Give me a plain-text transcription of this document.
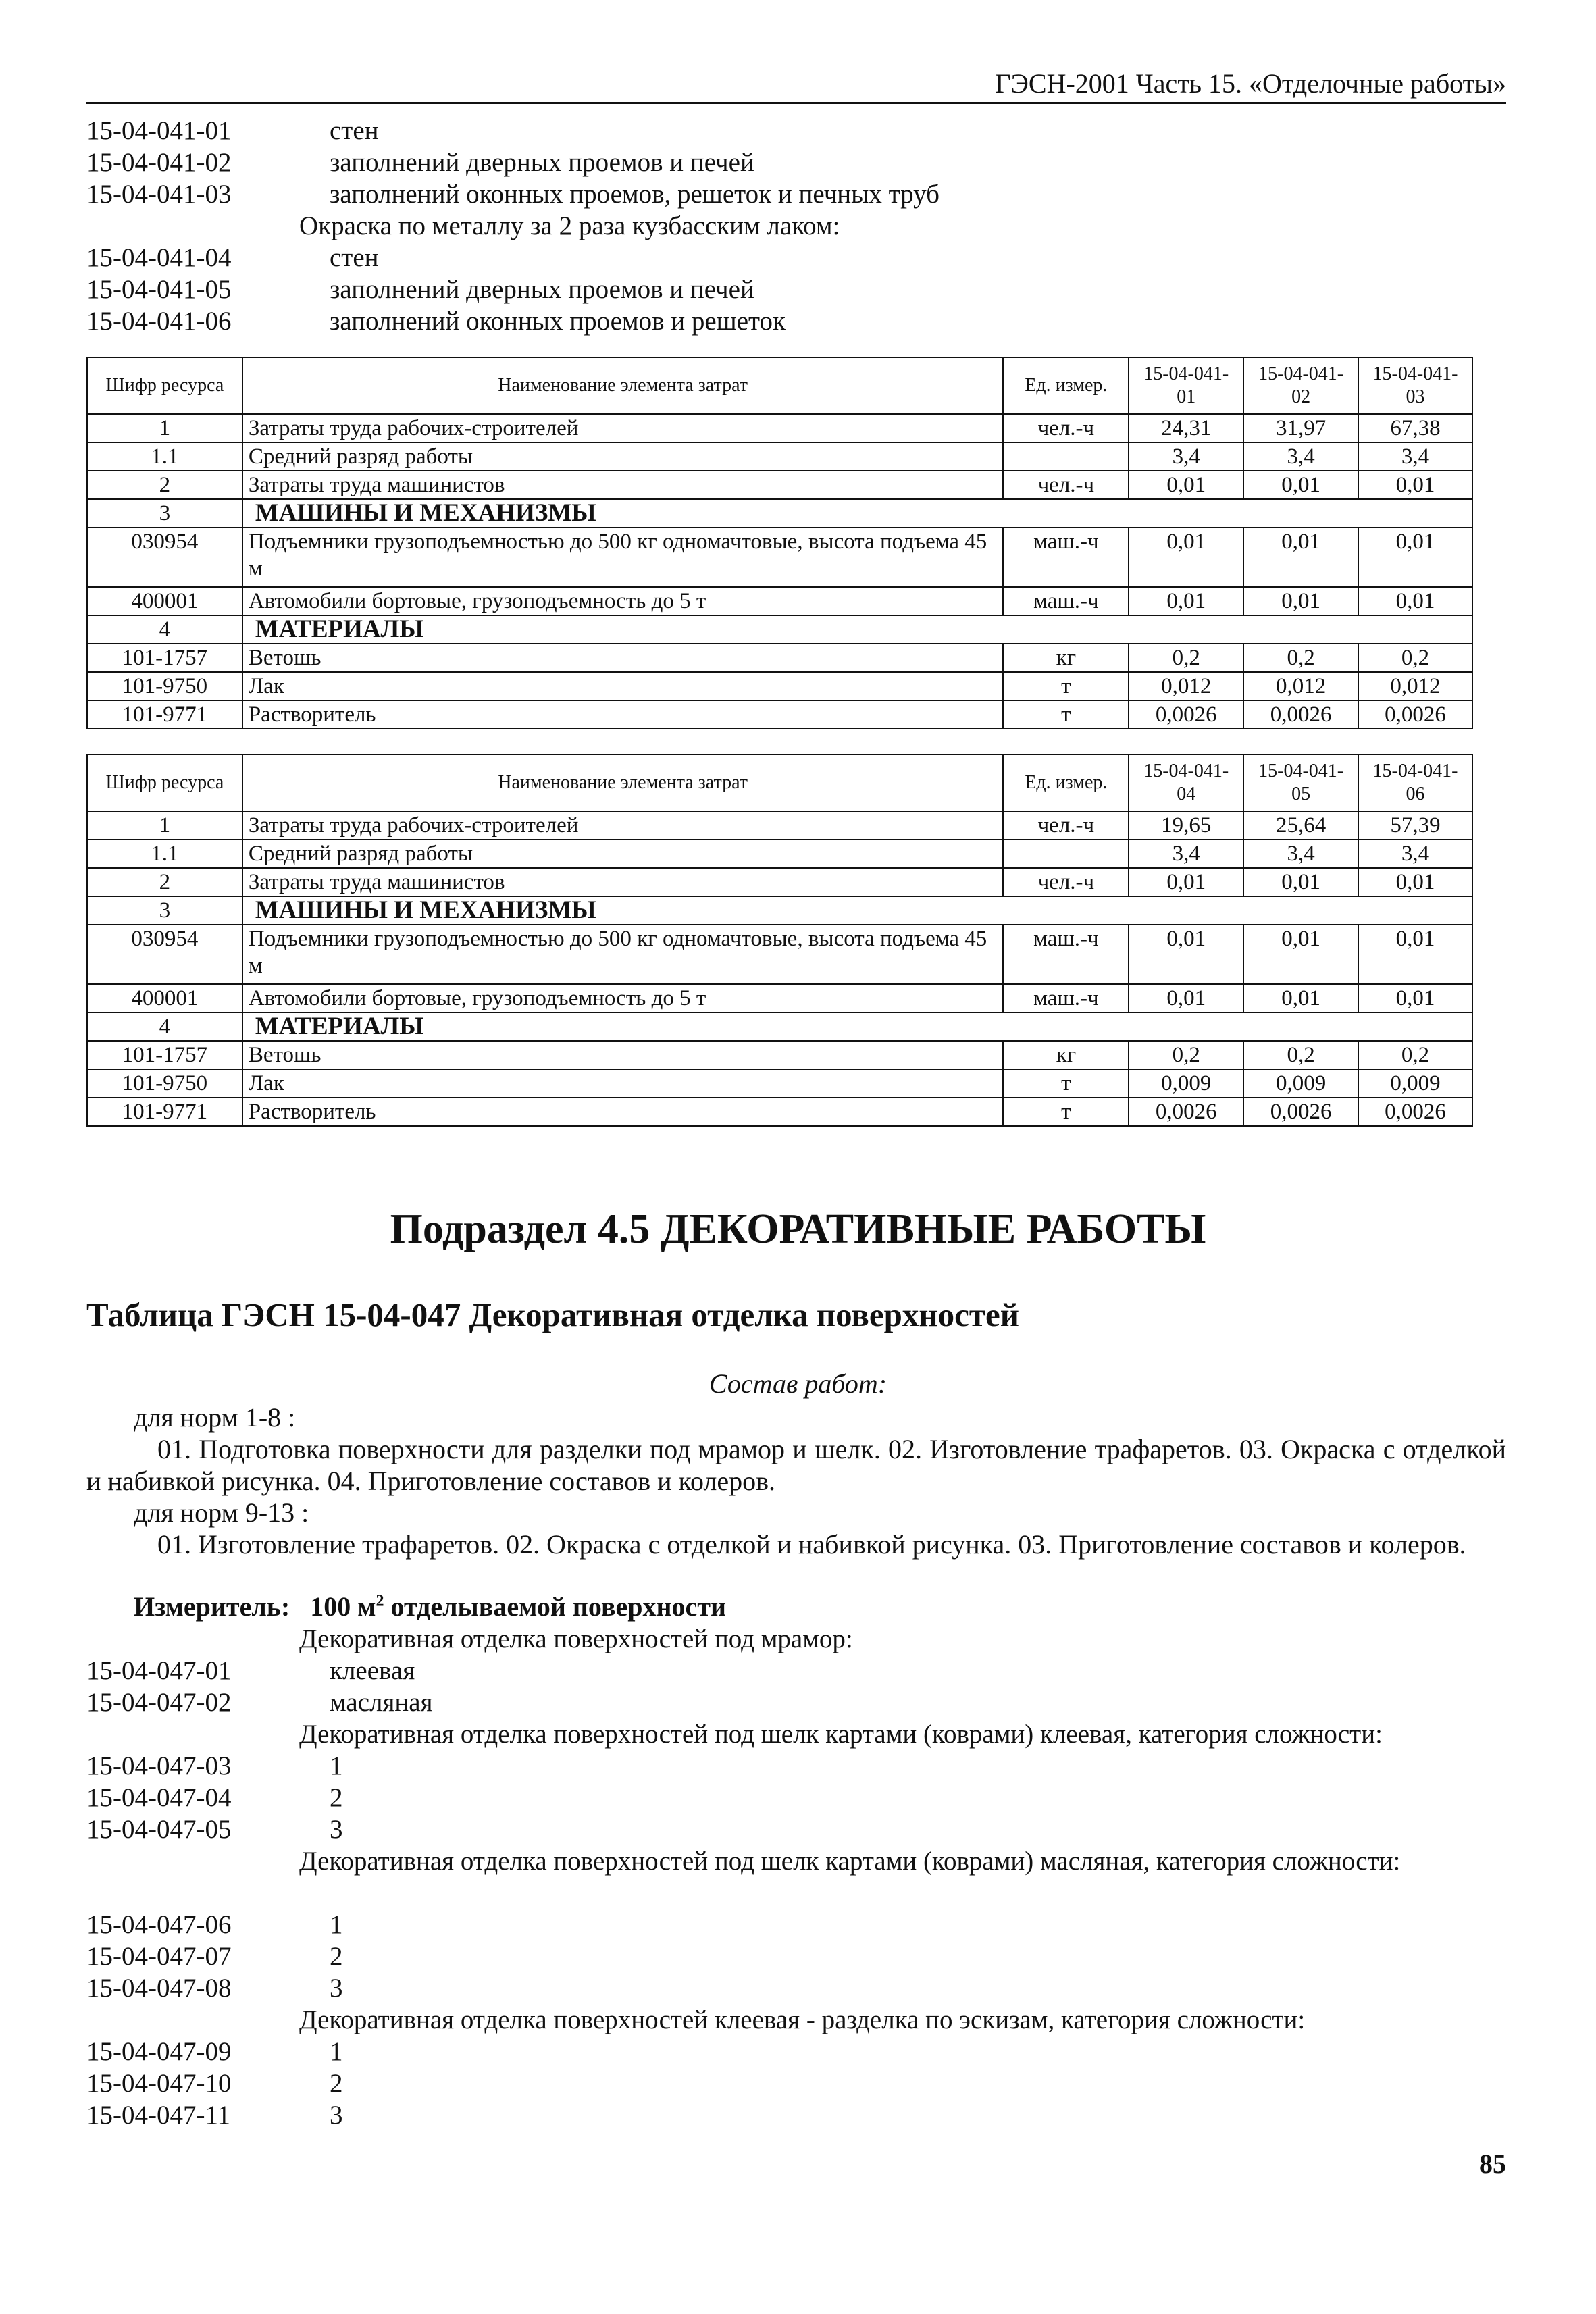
ГЭСН-2001 Часть 15. «Отделочные работы»
15-04-041-01	стен
15-04-041-02	заполнений дверных проемов и печей
15-04-041-03	заполнений оконных проемов, решеток и печных труб
Окраска по металлу за 2 раза кузбасским лаком:
15-04-041-04	стен
15-04-041-05	заполнений дверных проемов и печей
15-04-041-06	заполнений оконных проемов и решеток
Шифр ресурса	Наименование элемента затрат	Ед. измер.	15-04-041-01	15-04-041-02	15-04-041-03
1	Затраты труда рабочих-строителей	чел.-ч	24,31	31,97	67,38
1.1	Средний разряд работы		3,4	3,4	3,4
2	Затраты труда машинистов	чел.-ч	0,01	0,01	0,01
3	МАШИНЫ И МЕХАНИЗМЫ				
030954	Подъемники грузоподъемностью до 500 кг одномачтовые, высота подъема 45 м	маш.-ч	0,01	0,01	0,01
400001	Автомобили бортовые, грузоподъемность до 5 т	маш.-ч	0,01	0,01	0,01
4	МАТЕРИАЛЫ				
101-1757	Ветошь	кг	0,2	0,2	0,2
101-9750	Лак	т	0,012	0,012	0,012
101-9771	Растворитель	т	0,0026	0,0026	0,0026
Шифр ресурса	Наименование элемента затрат	Ед. измер.	15-04-041-04	15-04-041-05	15-04-041-06
1	Затраты труда рабочих-строителей	чел.-ч	19,65	25,64	57,39
1.1	Средний разряд работы		3,4	3,4	3,4
2	Затраты труда машинистов	чел.-ч	0,01	0,01	0,01
3	МАШИНЫ И МЕХАНИЗМЫ				
030954	Подъемники грузоподъемностью до 500 кг одномачтовые, высота подъема 45 м	маш.-ч	0,01	0,01	0,01
400001	Автомобили бортовые, грузоподъемность до 5 т	маш.-ч	0,01	0,01	0,01
4	МАТЕРИАЛЫ				
101-1757	Ветошь	кг	0,2	0,2	0,2
101-9750	Лак	т	0,009	0,009	0,009
101-9771	Растворитель	т	0,0026	0,0026	0,0026
Подраздел 4.5 ДЕКОРАТИВНЫЕ РАБОТЫ
Таблица ГЭСН 15-04-047 Декоративная отделка поверхностей
Состав работ:
для норм 1-8 :
01. Подготовка поверхности для разделки под мрамор и шелк. 02. Изготовление трафаретов. 03. Окраска с отделкой и набивкой рисунка. 04. Приготовление составов и колеров.
для норм 9-13 :
01. Изготовление трафаретов. 02. Окраска с отделкой и набивкой рисунка. 03. Приготовление составов и колеров.
Измеритель: 100 $м^2$ отделываемой поверхности
Декоративная отделка поверхностей под мрамор:
15-04-047-01	клеевая
15-04-047-02	масляная
Декоративная отделка поверхностей под шелк картами (коврами) клеевая, категория сложности:
15-04-047-03	1
15-04-047-04	2
15-04-047-05	3
Декоративная отделка поверхностей под шелк картами (коврами) масляная, категория сложности:
15-04-047-06	1
15-04-047-07	2
15-04-047-08	3
Декоративная отделка поверхностей клеевая - разделка по эскизам, категория сложности:
15-04-047-09	1
15-04-047-10	2
15-04-047-11	3
85
